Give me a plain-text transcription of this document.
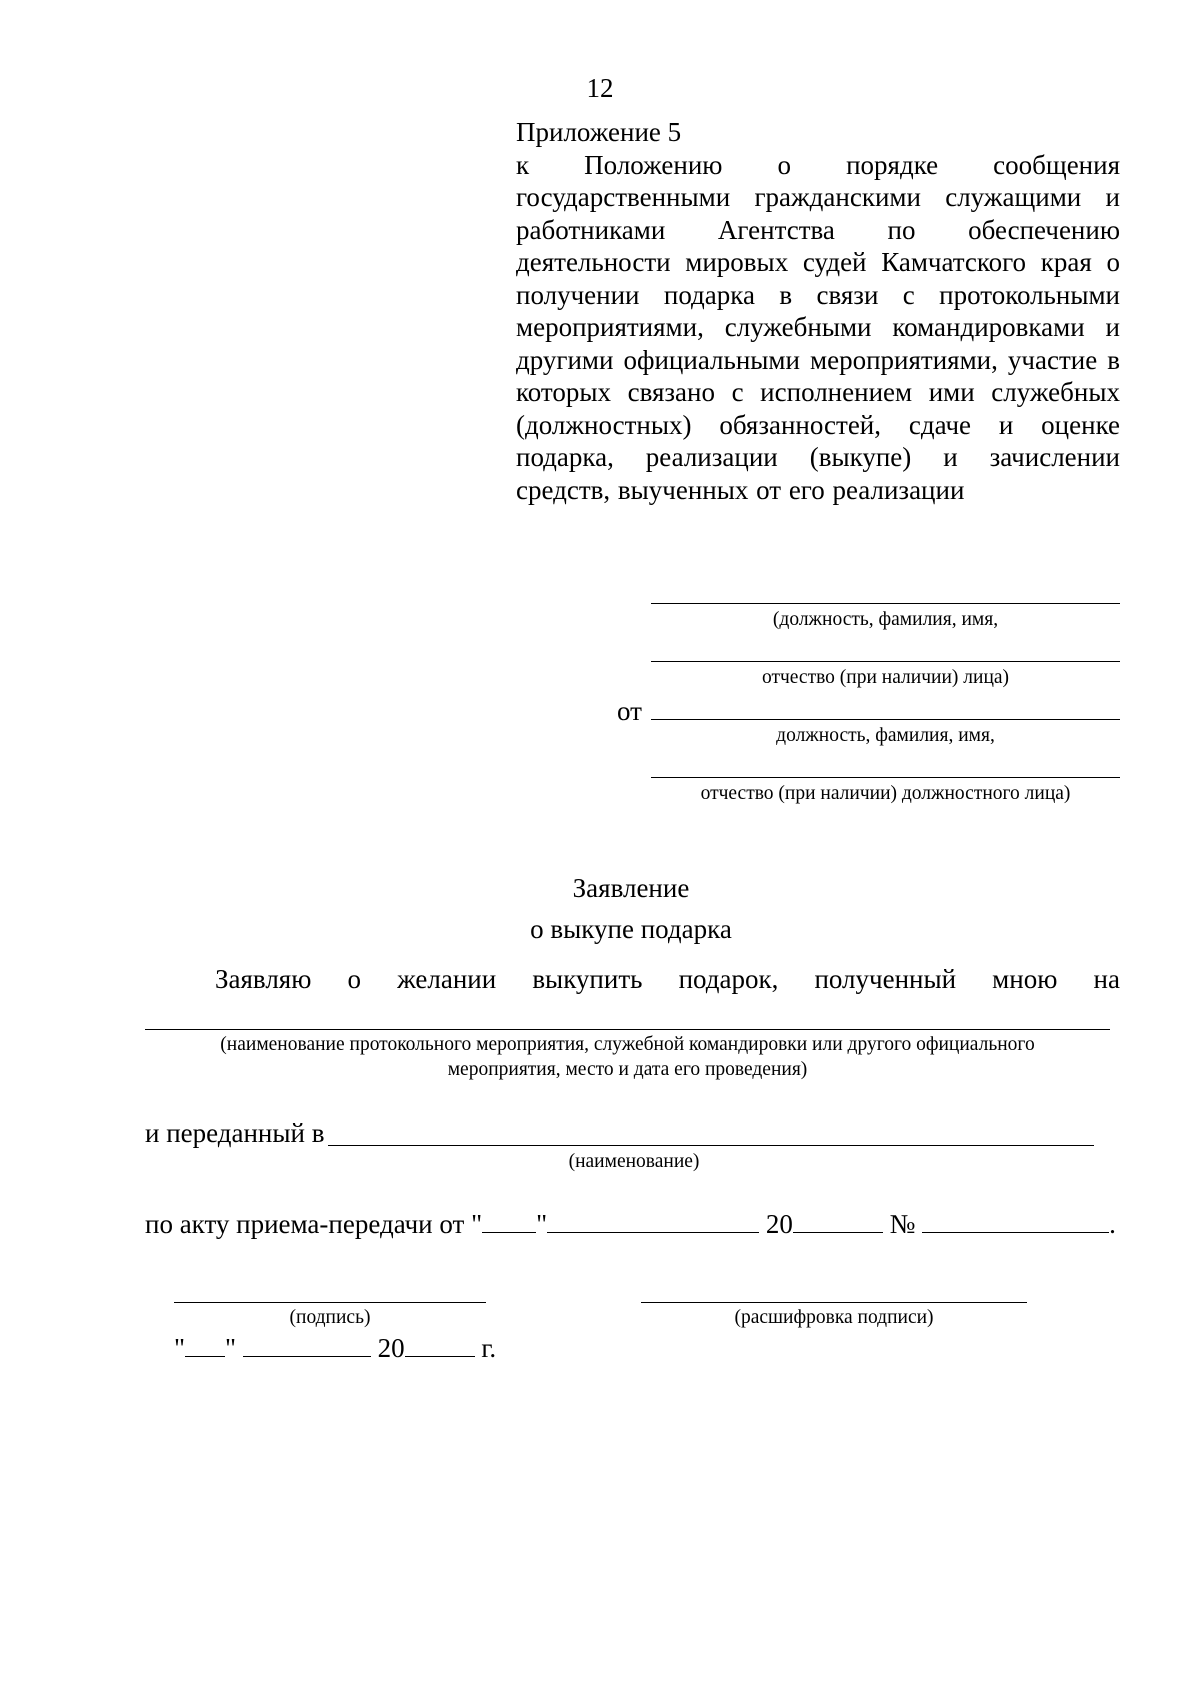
12
Приложение 5
к Положению о порядке сообщения государственными гражданскими служащими и работниками Агентства по обеспечению деятельности мировых судей Камчатского края о получении подарка в связи с протокольными мероприятиями, служебными командировками и другими официальными мероприятиями, участие в которых связано с исполнением ими служебных (должностных) обязанностей, сдаче и оценке подарка, реализации (выкупе) и зачислении средств, выученных от его реализации
(должность, фамилия, имя,
отчество (при наличии) лица)
от
должность, фамилия, имя,
отчество (при наличии) должностного лица)
Заявление
о выкупе подарка
Заявляю о желании выкупить подарок, полученный мною на
(наименование протокольного мероприятия, служебной командировки или другого официального
мероприятия, место и дата его проведения)
и переданный в
(наименование)
по акту приема-передачи от " "	20	№	.
(подпись)	(расшифровка подписи)
" "	20	г.
